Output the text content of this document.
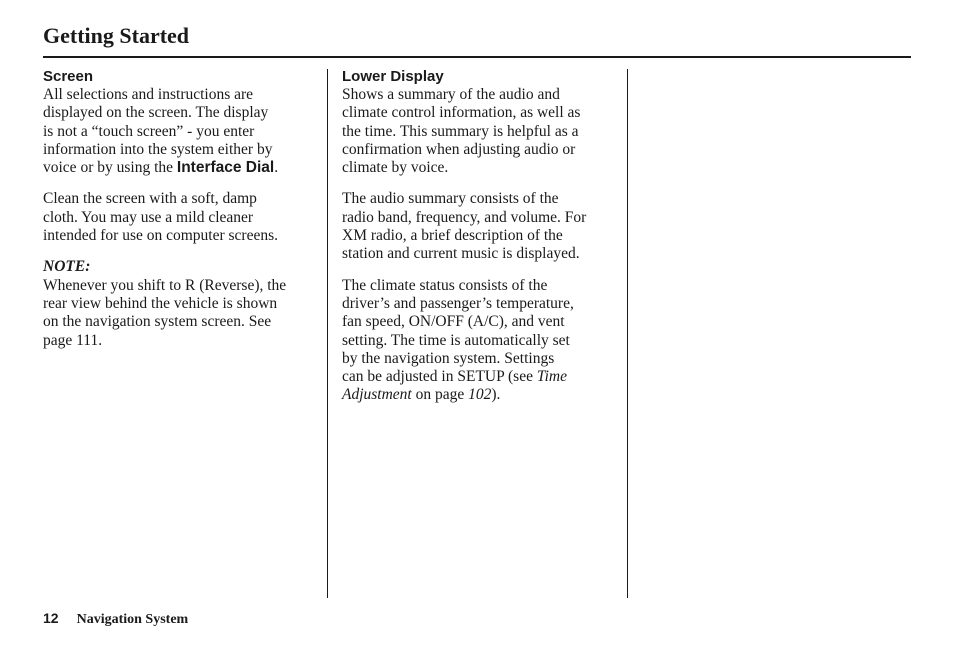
Getting Started
Screen

All selections and instructions are
displayed on the screen. The display
is not a “touch screen” - you enter
information into the system either by
voice or by using the Interface Dial.

Clean the screen with a soft, damp
cloth. You may use a mild cleaner
intended for use on computer screens.

NOTE:
Whenever you shift to R (Reverse), the
rear view behind the vehicle is shown
on the navigation system screen. See
page 111.

Lower Display

Shows a summary of the audio and
climate control information, as well as
the time. This summary is helpful as a
confirmation when adjusting audio or
climate by voice.

The audio summary consists of the
radio band, frequency, and volume. For
XM radio, a brief description of the
station and current music is displayed.

The climate status consists of the
driver’s and passenger’s temperature,
fan speed, ON/OFF (A/C), and vent
setting. The time is automatically set
by the navigation system. Settings
can be adjusted in SETUP (see Time
Adjustment on page 102).

12 Navigation System
